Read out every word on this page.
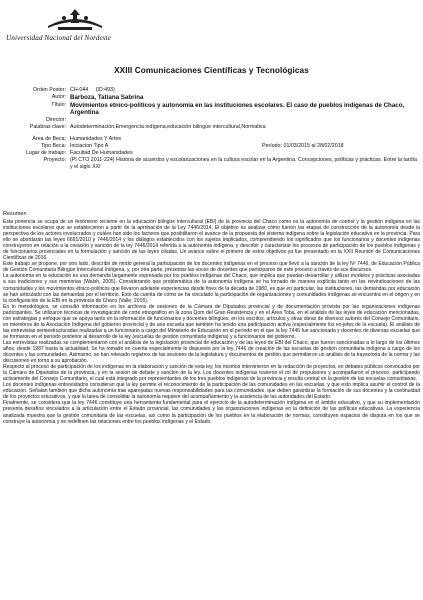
Universidad Nacional del Nordeste
XXIII Comunicaciones Científicas y Tecnológicas
Orden Poster: CH-044 (ID:493)
Autor: Barboza, Tatiana Sabrina
Título: Movimientos etnico-políticos y autonomía en las instituciones escolares. El caso de pueblos indígenas de Chaco, Argentina
Director:
Palabras clave: Autodeterminación,Emergencia indígena,educación bilingüe intercultural,Normativa
Área de Beca: Humanidades Y Artes
Tipo Beca: Iniciacion Tipo A	Período: 01/03/2015 al 28/02/2018
Lugar de trabajo: Facultad De Humanidades
Proyecto: (PI CTO 2011-224) Historia de acuerdos y escolarizaciones en la cultura escolar en la Argentina. Concepciones, políticas y prácticas. Entre la tardía y el siglo XXI
Resumen :

Esta ponencia se ocupa de un fenómeno reciente en la educación bilingüe intercultural (EBI) de la provincia del Chaco como es la autonomía de control y la gestión indígena en las instituciones escolares que se establecieron a partir de la aprobación de la Ley 7446/2014. El objetivo es analizar cómo fueron las etapas de construcción de la autonomía desde la perspectiva de los actores involucrados y cuáles han sido los factores que posibilitaron el avance de la propuesta del sistema indígena sobre la legislación educativa en la provincia. Para ello se abordarán las leyes 6691/2010 y 7446/2014 y los diálogos establecidos con los sujetos implicados, comprendiendo los significados que los funcionarios y docentes indígenas construyeron en relación a la creación y sanción de la ley 7446/2014 referida a la autonomía indígena, y describir y caracterizar los procesos de participación de los pueblos indígenas y de funcionarios provinciales en la formulación y sanción de las leyes citadas. Un avance sobre el primero de estos objetivos ya fue presentado en la XXII Reunión de Comunicaciones Científicas de 2016.

Este trabajo se propone, por otro lado, describir de modo general la participación de los docentes indígenas en el proceso que llevó a la sanción de la ley Nº 7446, de Educación Pública de Gestión Comunitaria Bilingüe Intercultural Indígena, y, por otra parte, presentar las voces de docentes que participaron de este proceso a través de sus discursos.

La autonomía en la educación es una demanda largamente expresada por los pueblos indígenas del Chaco, que implica que puedan desarrollar y utilizar modelos y prácticas asociadas a sus tradiciones y sus memorias (Walsh, 2005). Considerando que problemática de la autonomía indígena se ha tornado de manera explícita tanto en las reivindicaciones de las comunidades y los movimientos étnico-políticos que llevaron adelante experiencias desde fines de la década de 1980, es que en particular, las instituciones, las demandas por educación se han articulado con las demandas por el territorio. Esto da cuenta de cómo se ha vinculado la participación de organizaciones y comunidades indígenas se encuentra en el origen y en la configuración de la EBI en la provincia de Chaco (Valle, 2016).

En lo metodológico, se consultó información en los archivos de sesiones de la Cámara de Diputados provincial y de documentación provista por las organizaciones indígenas participantes. Se utilizaron técnicas de investigación de corte etnográfico en la zona Qom del Gran Resistencia y en el Área Toba, en el análisis de las leyes de educación mencionadas, con estrategias y enfoque que se apoya tanto en la información de funcionarios y docentes bilingües, en los escritos, artículos y otras obras de diversos autores del Consejo Comunitario, ex miembros de la Asociación Indígena del gobierno provincial y de una escuela que también ha tenido una participación activa (especialmente los ex-jefes de la escuela). El análisis de las entrevistas semiestructuradas realizadas a un funcionario a cargo del Ministerio de Educación en el período en el que la ley 7446 fue sancionada y docentes de diversas escuelas que se formaron en el período posterior al desarrollo de la ley (escuelas de gestión comunitaria indígena) y a funcionarios del gobierno.

Las entrevistas realizadas se complementaron con el análisis de la legislación provincial de educación y de las leyes de EBI del Chaco, que fueron sancionadas a lo largo de los últimos años, desde 1987 hasta la actualidad. Se ha tomado en cuenta especialmente lo dispuesto por la ley 7446 de creación de las escuelas de gestión comunitaria indígena a cargo de los docentes y las comunidades. Asimismo, se han relevado registros de las sesiones de la legislatura y documentos de gestión que permitieron un análisis de la trayectoria de la norma y las discusiones en torno a su aprobación.

Respecto al proceso de participación de los indígenas en la elaboración y sanción de esta ley, los mismos intervinieron en la redacción de proyectos, en debates públicos convocados por la Cámara de Diputados de la provincia, y en la sesión de debate y sanción de la ley. Los docentes indígenas tuvieron el rol de propulsores y acompañaron el proceso, participando activamente del Consejo Comunitario, el cual está integrado por representantes de los tres pueblos indígenas de la provincia y resulta central en la gestión de las escuelas comunitarias.

Los docentes indígenas entrevistados consideran que la ley permite el reconocimiento de la participación de las comunidades en las escuelas, y que esto implica asumir el control de la educación. Señalan también que dicha autonomía trae aparejadas nuevas responsabilidades para las comunidades, que deben garantizar la formación de sus docentes y la continuidad de los proyectos educativos, y que la tarea de consolidar la autonomía requiere del acompañamiento y la asistencia de las autoridades del Estado.

Finalmente, se considera que la ley 7446 constituye una herramienta fundamental para el ejercicio de la autodeterminación indígena en el ámbito educativo, y que su implementación presenta desafíos vinculados a la articulación entre el Estado provincial, las comunidades y las organizaciones indígenas en la definición de las políticas educativas. La experiencia analizada muestra que la gestión comunitaria de las escuelas, así como la participación de los pueblos en la elaboración de normas, constituyen espacios de disputa en los que se construye la autonomía y se redefinen las relaciones entre los pueblos indígenas y el Estado.
